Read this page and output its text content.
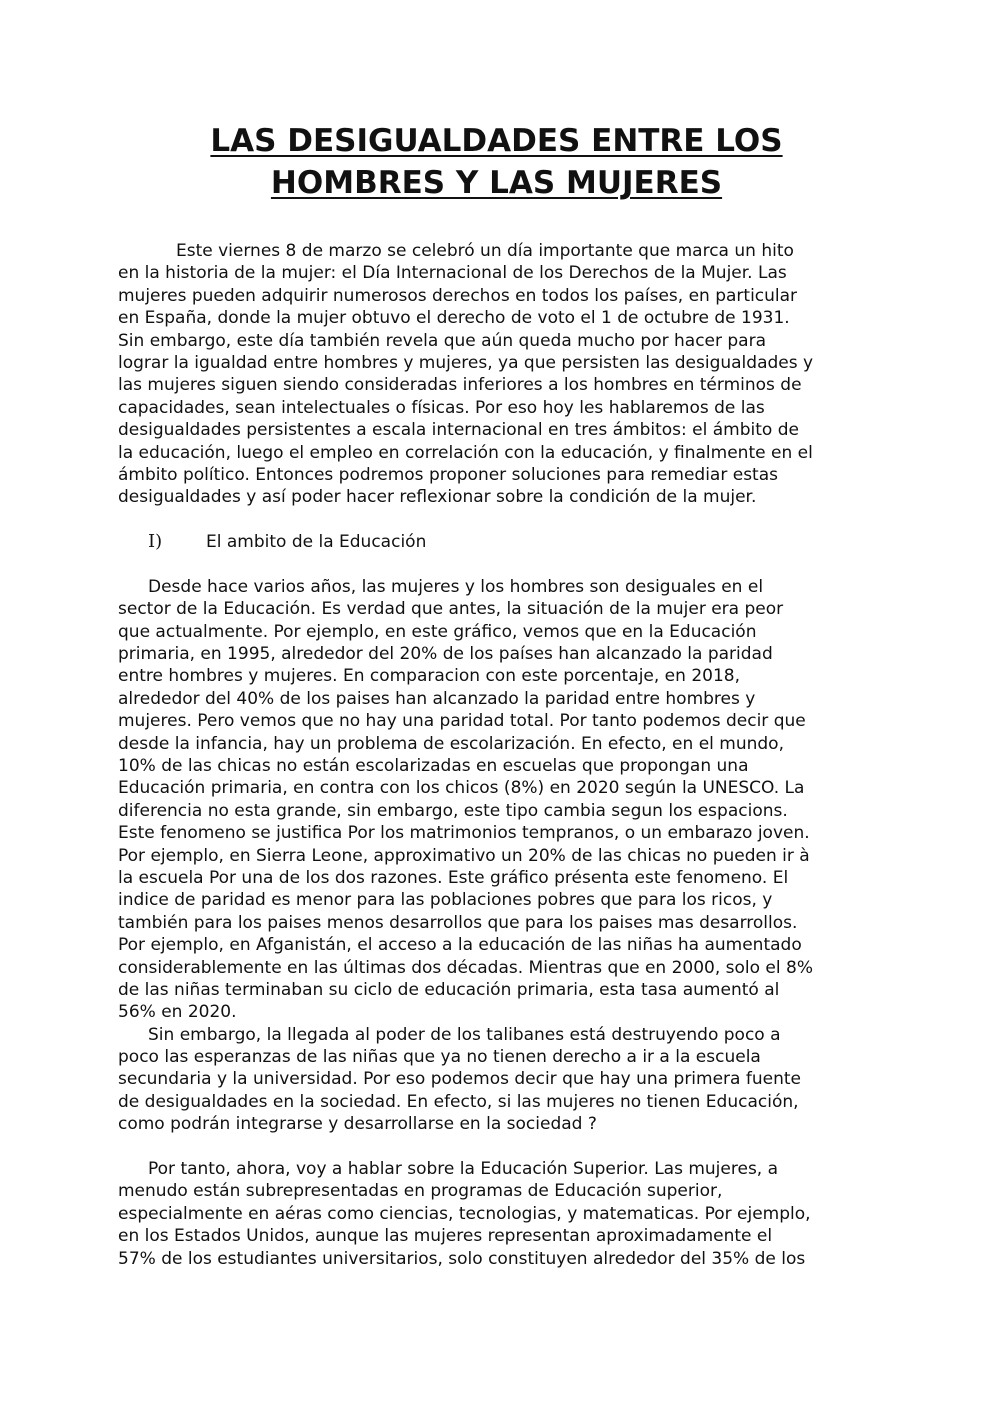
LAS DESIGUALDADES ENTRE LOS
HOMBRES Y LAS MUJERES
Este viernes 8 de marzo se celebró un día importante que marca un hito
en la historia de la mujer: el Día Internacional de los Derechos de la Mujer. Las
mujeres pueden adquirir numerosos derechos en todos los países, en particular
en España, donde la mujer obtuvo el derecho de voto el 1 de octubre de 1931.
Sin embargo, este día también revela que aún queda mucho por hacer para
lograr la igualdad entre hombres y mujeres, ya que persisten las desigualdades y
las mujeres siguen siendo consideradas inferiores a los hombres en términos de
capacidades, sean intelectuales o físicas. Por eso hoy les hablaremos de las
desigualdades persistentes a escala internacional en tres ámbitos: el ámbito de
la educación, luego el empleo en correlación con la educación, y finalmente en el
ámbito político. Entonces podremos proponer soluciones para remediar estas
desigualdades y así poder hacer reflexionar sobre la condición de la mujer.
I)	El ambito de la Educación
Desde hace varios años, las mujeres y los hombres son desiguales en el
sector de la Educación. Es verdad que antes, la situación de la mujer era peor
que actualmente. Por ejemplo, en este gráfico, vemos que en la Educación
primaria, en 1995, alrededor del 20% de los países han alcanzado la paridad
entre hombres y mujeres. En comparacion con este porcentaje, en 2018,
alrededor del 40% de los paises han alcanzado la paridad entre hombres y
mujeres. Pero vemos que no hay una paridad total. Por tanto podemos decir que
desde la infancia, hay un problema de escolarización. En efecto, en el mundo,
10% de las chicas no están escolarizadas en escuelas que propongan una
Educación primaria, en contra con los chicos (8%) en 2020 según la UNESCO. La
diferencia no esta grande, sin embargo, este tipo cambia segun los espacions.
Este fenomeno se justifica Por los matrimonios tempranos, o un embarazo joven.
Por ejemplo, en Sierra Leone, approximativo un 20% de las chicas no pueden ir à
la escuela Por una de los dos razones. Este gráfico présenta este fenomeno. El
indice de paridad es menor para las poblaciones pobres que para los ricos, y
también para los paises menos desarrollos que para los paises mas desarrollos.
Por ejemplo, en Afganistán, el acceso a la educación de las niñas ha aumentado
considerablemente en las últimas dos décadas. Mientras que en 2000, solo el 8%
de las niñas terminaban su ciclo de educación primaria, esta tasa aumentó al
56% en 2020.
Sin embargo, la llegada al poder de los talibanes está destruyendo poco a
poco las esperanzas de las niñas que ya no tienen derecho a ir a la escuela
secundaria y la universidad. Por eso podemos decir que hay una primera fuente
de desigualdades en la sociedad. En efecto, si las mujeres no tienen Educación,
como podrán integrarse y desarrollarse en la sociedad ?
Por tanto, ahora, voy a hablar sobre la Educación Superior. Las mujeres, a
menudo están subrepresentadas en programas de Educación superior,
especialmente en aéras como ciencias, tecnologias, y matematicas. Por ejemplo,
en los Estados Unidos, aunque las mujeres representan aproximadamente el
57% de los estudiantes universitarios, solo constituyen alrededor del 35% de los
